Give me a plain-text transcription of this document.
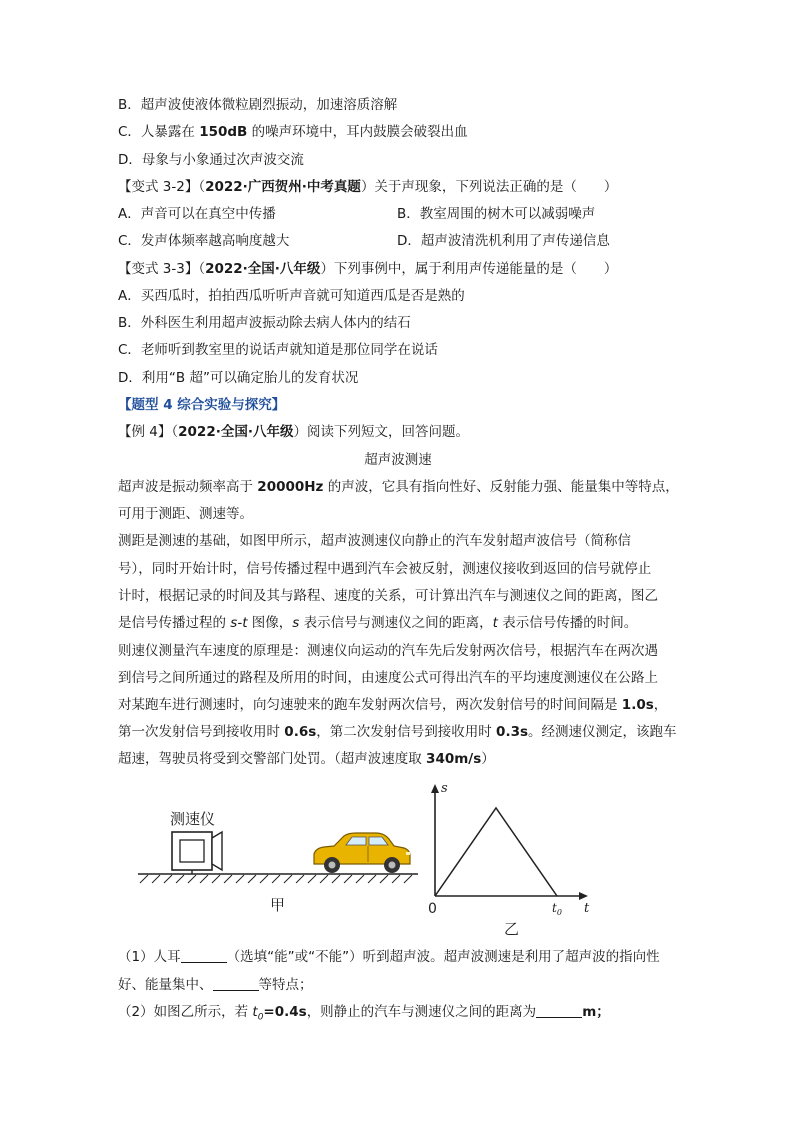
B．超声波使液体微粒剧烈振动，加速溶质溶解
C．人暴露在 150dB 的噪声环境中，耳内鼓膜会破裂出血
D．母象与小象通过次声波交流
【变式 3-2】（2022·广西贺州·中考真题）关于声现象，下列说法正确的是（　　）
A．声音可以在真空中传播	B．教室周围的树木可以减弱噪声
C．发声体频率越高响度越大	D．超声波清洗机利用了声传递信息
【变式 3-3】（2022·全国·八年级）下列事例中，属于利用声传递能量的是（　　）
A．买西瓜时，拍拍西瓜听听声音就可知道西瓜是否是熟的
B．外科医生利用超声波振动除去病人体内的结石
C．老师听到教室里的说话声就知道是那位同学在说话
D．利用“B 超”可以确定胎儿的发育状况
【题型 4 综合实验与探究】
【例 4】（2022·全国·八年级）阅读下列短文，回答问题。
超声波测速
超声波是振动频率高于 20000Hz 的声波，它具有指向性好、反射能力强、能量集中等特点，
可用于测距、测速等。
测距是测速的基础，如图甲所示，超声波测速仪向静止的汽车发射超声波信号（简称信
号），同时开始计时，信号传播过程中遇到汽车会被反射，测速仪接收到返回的信号就停止
计时，根据记录的时间及其与路程、速度的关系，可计算出汽车与测速仪之间的距离，图乙
是信号传播过程的 s-t 图像，s 表示信号与测速仪之间的距离，t 表示信号传播的时间。
则速仪测量汽车速度的原理是：测速仪向运动的汽车先后发射两次信号，根据汽车在两次遇
到信号之间所通过的路程及所用的时间，由速度公式可得出汽车的平均速度测速仪在公路上
对某跑车进行测速时，向匀速驶来的跑车发射两次信号，两次发射信号的时间间隔是 1.0s，
第一次发射信号到接收用时 0.6s，第二次发射信号到接收用时 0.3s。经测速仪测定，该跑车
超速，驾驶员将受到交警部门处罚。（超声波速度取 340m/s）
测速仪
甲
s
t
0	$t_0$
乙
（1）人耳	（选填“能”或“不能”）听到超声波。超声波测速是利用了超声波的指向性
好、能量集中、	等特点；
（2）如图乙所示，若 $t_0=0.4s$，则静止的汽车与测速仪之间的距离为	m；
